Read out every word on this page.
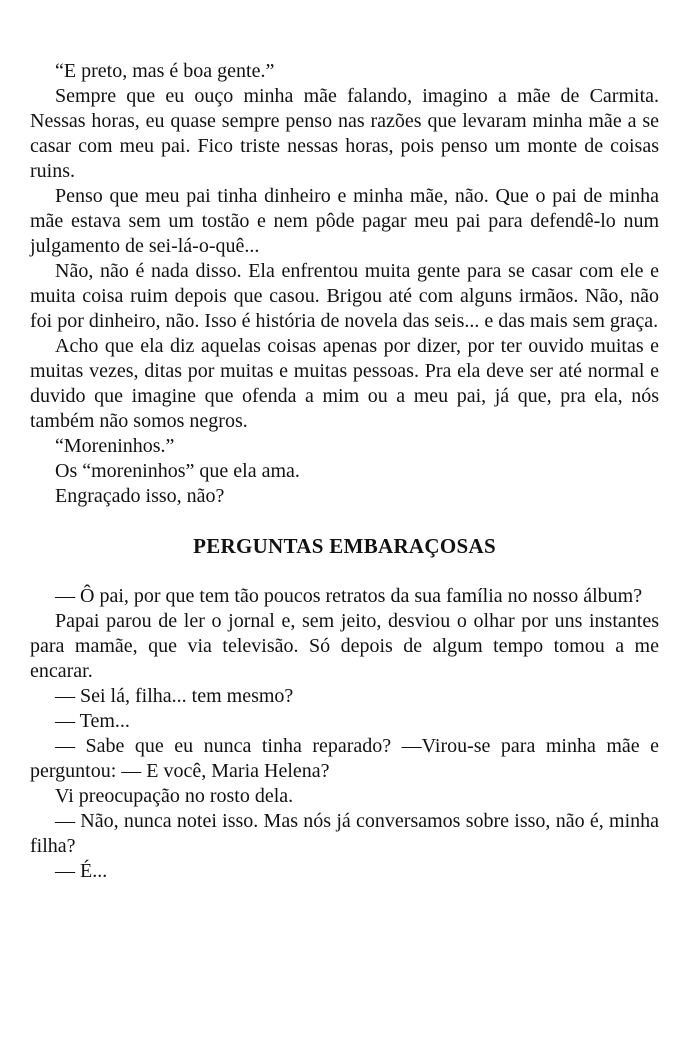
“E preto, mas é boa gente.”

Sempre que eu ouço minha mãe falando, imagino a mãe de Carmita. Nessas horas, eu quase sempre penso nas razões que levaram minha mãe a se casar com meu pai. Fico triste nessas horas, pois penso um monte de coisas ruins.

Penso que meu pai tinha dinheiro e minha mãe, não. Que o pai de minha mãe estava sem um tostão e nem pôde pagar meu pai para defendê-lo num julgamento de sei-lá-o-quê...

Não, não é nada disso. Ela enfrentou muita gente para se casar com ele e muita coisa ruim depois que casou. Brigou até com alguns irmãos. Não, não foi por dinheiro, não. Isso é história de novela das seis... e das mais sem graça.

Acho que ela diz aquelas coisas apenas por dizer, por ter ouvido muitas e muitas vezes, ditas por muitas e muitas pessoas. Pra ela deve ser até normal e duvido que imagine que ofenda a mim ou a meu pai, já que, pra ela, nós também não somos negros.

“Moreninhos.”

Os “moreninhos” que ela ama.

Engraçado isso, não?

PERGUNTAS EMBARAÇOSAS

— Ô pai, por que tem tão poucos retratos da sua família no nosso álbum?

Papai parou de ler o jornal e, sem jeito, desviou o olhar por uns instantes para mamãe, que via televisão. Só depois de algum tempo tomou a me encarar.

— Sei lá, filha... tem mesmo?

— Tem...

— Sabe que eu nunca tinha reparado? —Virou-se para minha mãe e perguntou: — E você, Maria Helena?

Vi preocupação no rosto dela.

— Não, nunca notei isso. Mas nós já conversamos sobre isso, não é, minha filha?

— É...
